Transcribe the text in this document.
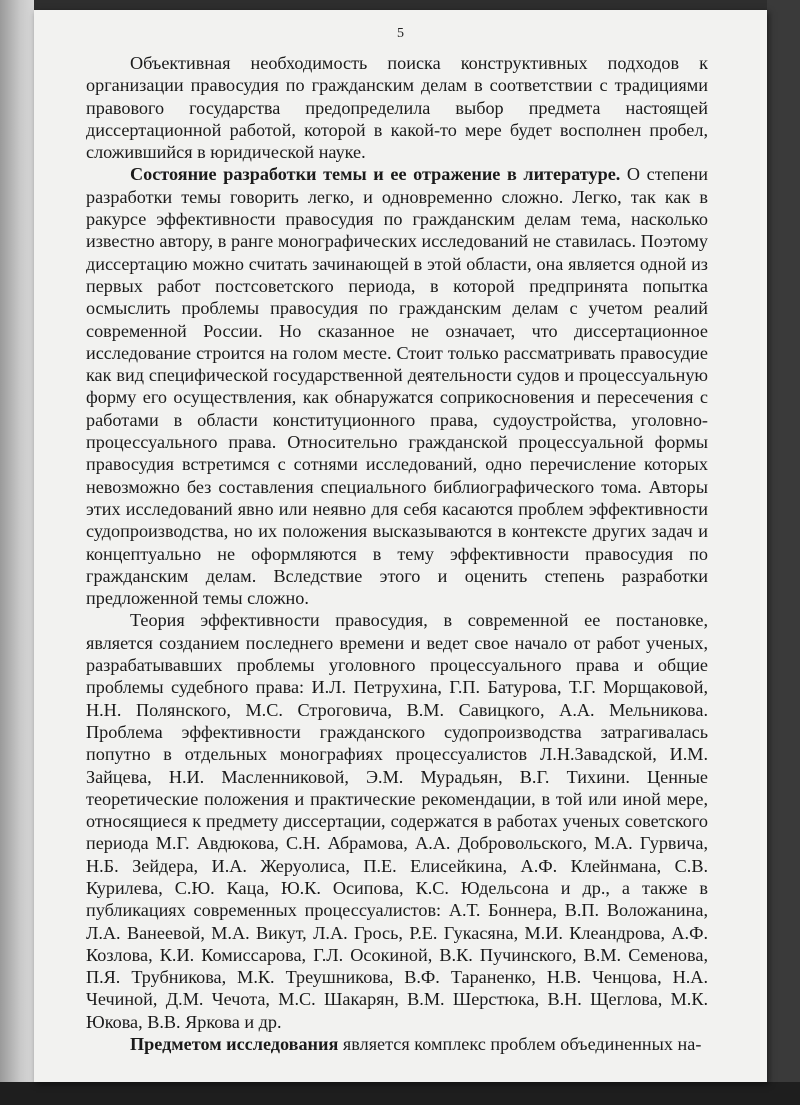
5

Объективная необходимость поиска конструктивных подходов к организации правосудия по гражданским делам в соответствии с традициями правового государства предопределила выбор предмета настоящей диссертационной работой, которой в какой-то мере будет восполнен пробел, сложившийся в юридической науке.

Состояние разработки темы и ее отражение в литературе. О степени разработки темы говорить легко, и одновременно сложно. Легко, так как в ракурсе эффективности правосудия по гражданским делам тема, насколько известно автору, в ранге монографических исследований не ставилась. Поэтому диссертацию можно считать зачинающей в этой области, она является одной из первых работ постсоветского периода, в которой предпринята попытка осмыслить проблемы правосудия по гражданским делам с учетом реалий современной России. Но сказанное не означает, что диссертационное исследование строится на голом месте. Стоит только рассматривать правосудие как вид специфической государственной деятельности судов и процессуальную форму его осуществления, как обнаружатся соприкосновения и пересечения с работами в области конституционного права, судоустройства, уголовно-процессуального права. Относительно гражданской процессуальной формы правосудия встретимся с сотнями исследований, одно перечисление которых невозможно без составления специального библиографического тома. Авторы этих исследований явно или неявно для себя касаются проблем эффективности судопроизводства, но их положения высказываются в контексте других задач и концептуально не оформляются в тему эффективности правосудия по гражданским делам. Вследствие этого и оценить степень разработки предложенной темы сложно.

Теория эффективности правосудия, в современной ее постановке, является созданием последнего времени и ведет свое начало от работ ученых, разрабатывавших проблемы уголовного процессуального права и общие проблемы судебного права: И.Л. Петрухина, Г.П. Батурова, Т.Г. Морщаковой, Н.Н. Полянского, М.С. Строговича, В.М. Савицкого, А.А. Мельникова. Проблема эффективности гражданского судопроизводства затрагивалась попутно в отдельных монографиях процессуалистов Л.Н.Завадской, И.М. Зайцева, Н.И. Масленниковой, Э.М. Мурадьян, В.Г. Тихини. Ценные теоретические положения и практические рекомендации, в той или иной мере, относящиеся к предмету диссертации, содержатся в работах ученых советского периода М.Г. Авдюкова, С.Н. Абрамова, А.А. Добровольского, М.А. Гурвича, Н.Б. Зейдера, И.А. Жеруолиса, П.Е. Елисейкина, А.Ф. Клейнмана, С.В. Курилева, С.Ю. Каца, Ю.К. Осипова, К.С. Юдельсона и др., а также в публикациях современных процессуалистов: А.Т. Боннера, В.П. Воложанина, Л.А. Ванеевой, М.А. Викут, Л.А. Грось, Р.Е. Гукасяна, М.И. Клеандрова, А.Ф. Козлова, К.И. Комиссарова, Г.Л. Осокиной, В.К. Пучинского, В.М. Семенова, П.Я. Трубникова, М.К. Треушникова, В.Ф. Тараненко, Н.В. Ченцова, Н.А. Чечиной, Д.М. Чечота, М.С. Шакарян, В.М. Шерстюка, В.Н. Щеглова, М.К. Юкова, В.В. Яркова и др.

Предметом исследования является комплекс проблем объединенных на-
